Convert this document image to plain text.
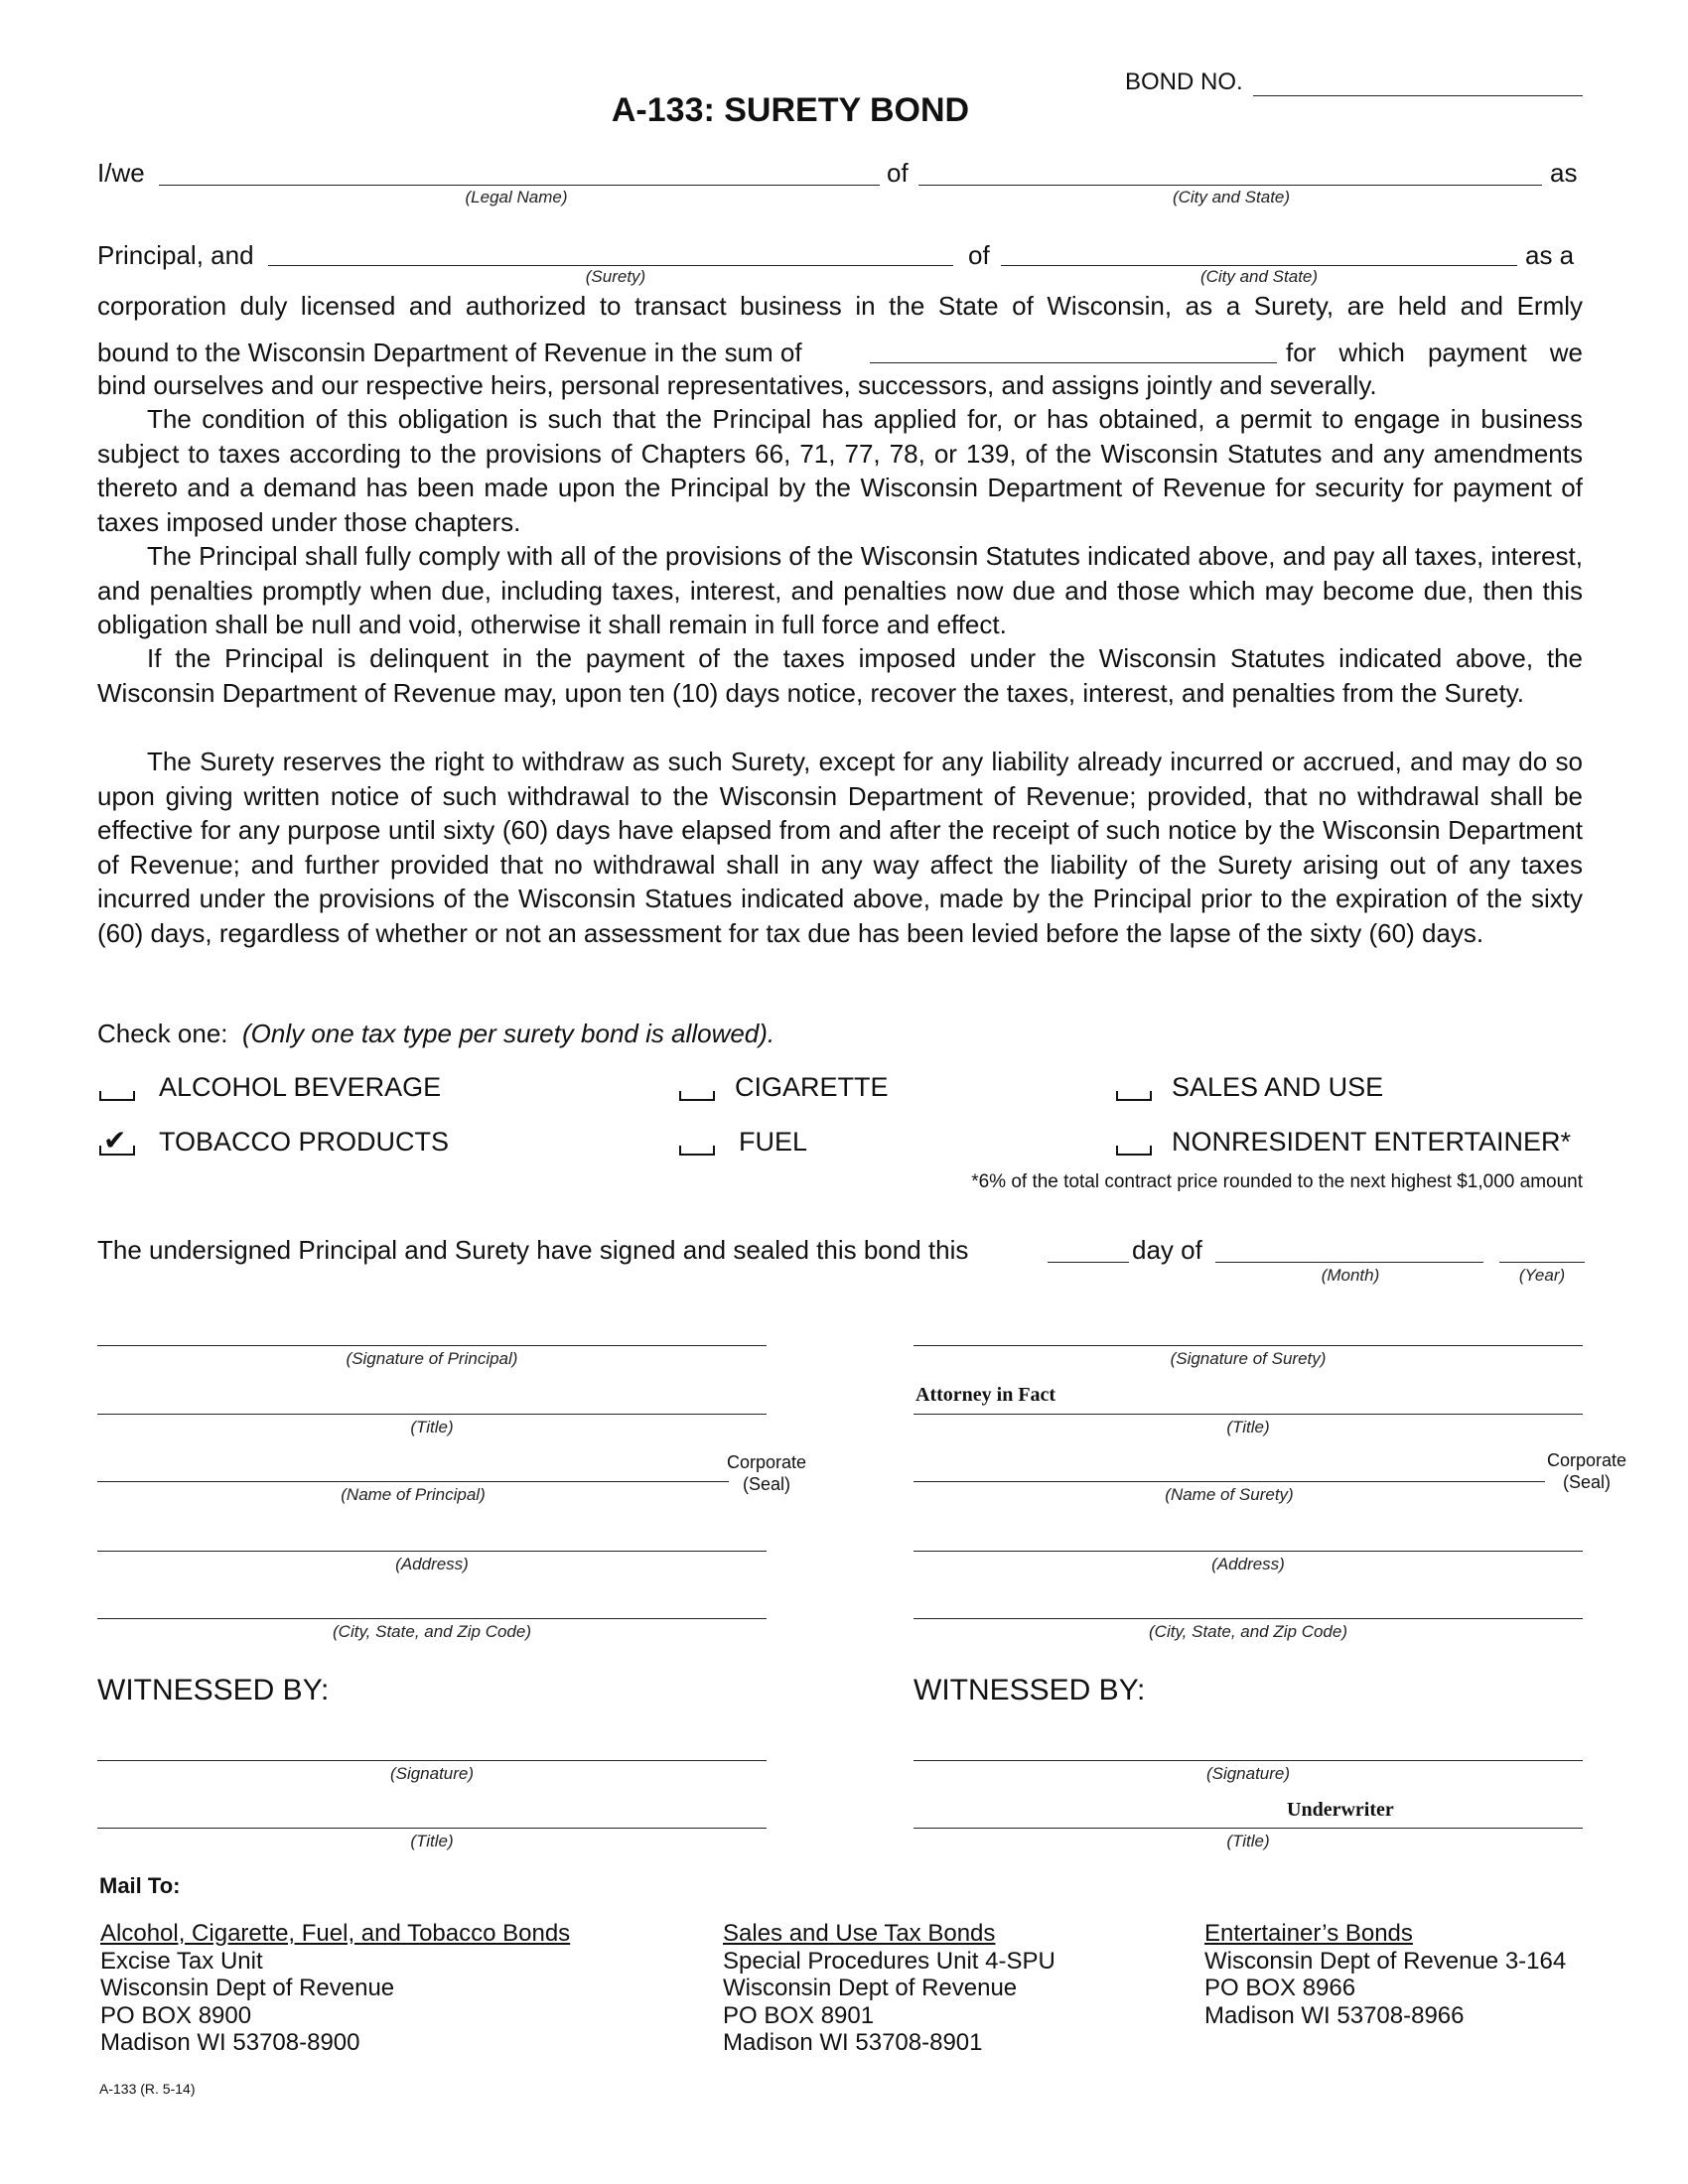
BOND NO.
A-133: SURETY BOND
I/we	of	as
(Legal Name)	(City and State)
Principal, and	of	as a
(Surety)	(City and State)

corporation duly licensed and authorized to transact business in the State of Wisconsin, as a Surety, are held and Ermly

bound to the Wisconsin Department of Revenue in the sum of	for which payment we

bind ourselves and our respective heirs, personal representatives, successors, and assigns jointly and severally.

The condition of this obligation is such that the Principal has applied for, or has obtained, a permit to engage in business subject to taxes according to the provisions of Chapters 66, 71, 77, 78, or 139, of the Wisconsin Statutes and any amendments thereto and a demand has been made upon the Principal by the Wisconsin Department of Revenue for security for payment of taxes imposed under those chapters.

The Principal shall fully comply with all of the provisions of the Wisconsin Statutes indicated above, and pay all taxes, interest, and penalties promptly when due, including taxes, interest, and penalties now due and those which may become due, then this obligation shall be null and void, otherwise it shall remain in full force and effect.

If the Principal is delinquent in the payment of the taxes imposed under the Wisconsin Statutes indicated above, the Wisconsin Department of Revenue may, upon ten (10) days notice, recover the taxes, interest, and penalties from the Surety.

The Surety reserves the right to withdraw as such Surety, except for any liability already incurred or accrued, and may do so upon giving written notice of such withdrawal to the Wisconsin Department of Revenue; provided, that no withdrawal shall be effective for any purpose until sixty (60) days have elapsed from and after the receipt of such notice by the Wisconsin Department of Revenue; and further provided that no withdrawal shall in any way affect the liability of the Surety arising out of any taxes incurred under the provisions of the Wisconsin Statues indicated above, made by the Principal prior to the expiration of the sixty (60) days, regardless of whether or not an assessment for tax due has been levied before the lapse of the sixty (60) days.

Check one: (Only one tax type per surety bond is allowed).
ALCOHOL BEVERAGE	CIGARETTE	SALES AND USE
✔ TOBACCO PRODUCTS	FUEL	NONRESIDENT ENTERTAINER*
*6% of the total contract price rounded to the next highest $1,000 amount
The undersigned Principal and Surety have signed and sealed this bond this	day of
(Month)	(Year)
(Signature of Principal)
(Title)
(Name of Principal)
Corporate
(Seal)
(Address)
(City, State, and Zip Code)
(Signature of Surety)
Attorney in Fact
(Title)
(Name of Surety)
Corporate
(Seal)
(Address)
(City, State, and Zip Code)
WITNESSED BY:
(Signature)
(Title)
WITNESSED BY:
(Signature)
Underwriter
(Title)
Mail To:
Alcohol, Cigarette, Fuel, and Tobacco Bonds
Excise Tax Unit
Wisconsin Dept of Revenue
PO BOX 8900
Madison WI 53708-8900
Sales and Use Tax Bonds
Special Procedures Unit 4-SPU
Wisconsin Dept of Revenue
PO BOX 8901
Madison WI 53708-8901
Entertainer’s Bonds
Wisconsin Dept of Revenue 3-164
PO BOX 8966
Madison WI 53708-8966
A-133 (R. 5-14)
